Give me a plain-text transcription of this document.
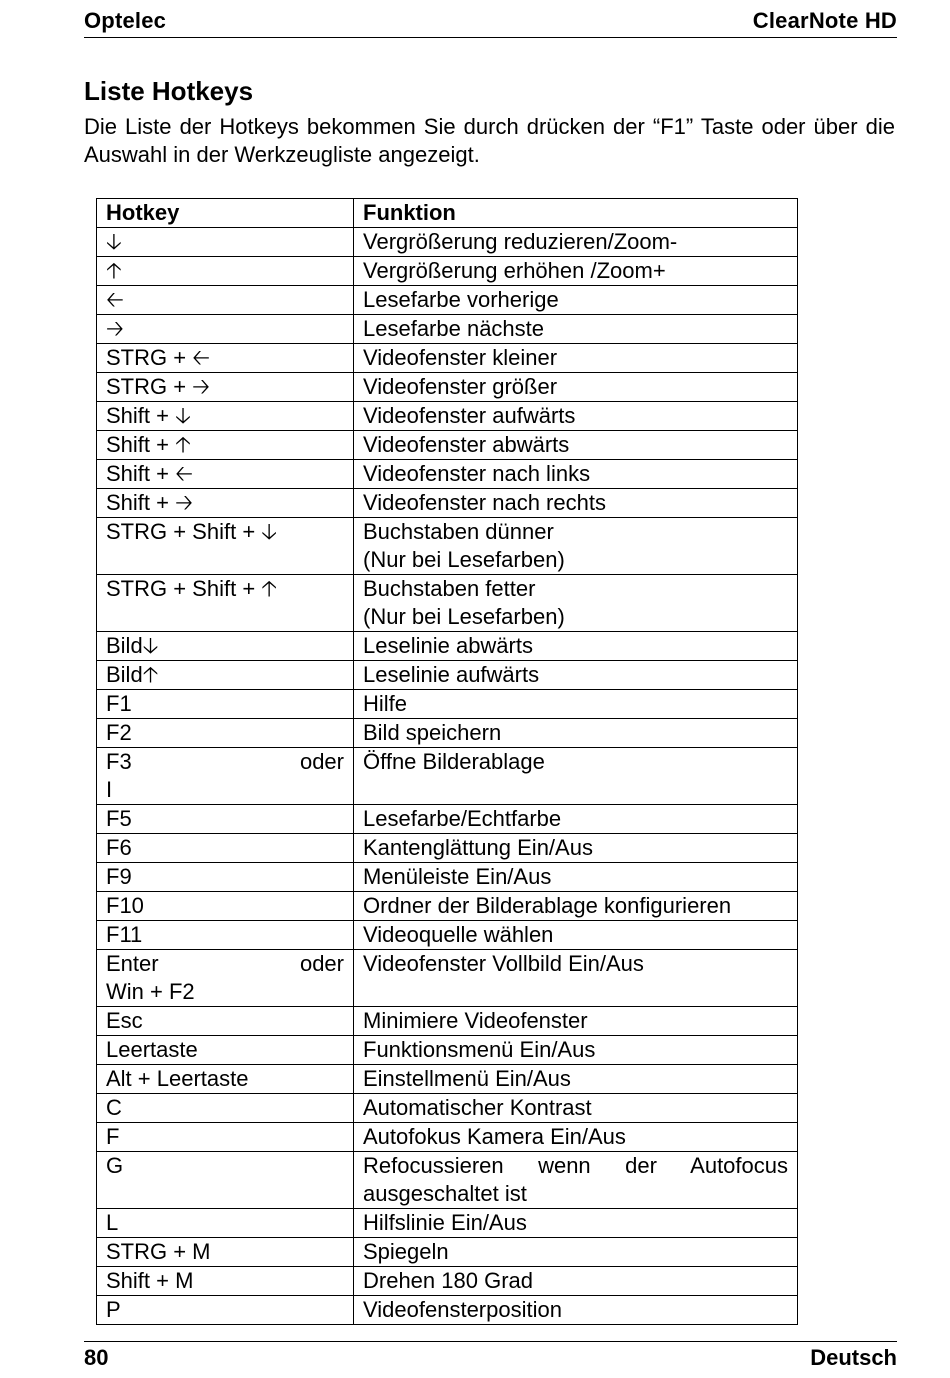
Optelec	ClearNote HD
Liste Hotkeys

Die Liste der Hotkeys bekommen Sie durch drücken der “F1” Taste oder über die Auswahl in der Werkzeugliste angezeigt.

Hotkey	Funktion
🡣	Vergrößerung reduzieren/Zoom-
🡡	Vergrößerung erhöhen /Zoom+
🡠	Lesefarbe vorherige
🡢	Lesefarbe nächste
STRG + 🡠	Videofenster kleiner
STRG + 🡢	Videofenster größer
Shift + 🡣	Videofenster aufwärts
Shift + 🡡	Videofenster abwärts
Shift + 🡠	Videofenster nach links
Shift + 🡢	Videofenster nach rechts
STRG + Shift + 🡣	Buchstaben dünner
(Nur bei Lesefarben)
STRG + Shift + 🡡	Buchstaben fetter
(Nur bei Lesefarben)
Bild🡣	Leselinie abwärts
Bild🡡	Leselinie aufwärts
F1	Hilfe
F2	Bild speichern

F3 oder
I	Öffne Bilderablage
F5	Lesefarbe/Echtfarbe
F6	Kantenglättung Ein/Aus
F9	Menüleiste Ein/Aus
F10	Ordner der Bilderablage konfigurieren
F11	Videoquelle wählen

Enter oder
Win + F2	Videofenster Vollbild Ein/Aus
Esc	Minimiere Videofenster
Leertaste	Funktionsmenü Ein/Aus
Alt + Leertaste	Einstellmenü Ein/Aus
C	Automatischer Kontrast
F	Autofokus Kamera Ein/Aus
G	Refocussieren wenn der Autofocus ausgeschaltet ist
L	Hilfslinie Ein/Aus
STRG + M	Spiegeln
Shift + M	Drehen 180 Grad
P	Videofensterposition
80	Deutsch
